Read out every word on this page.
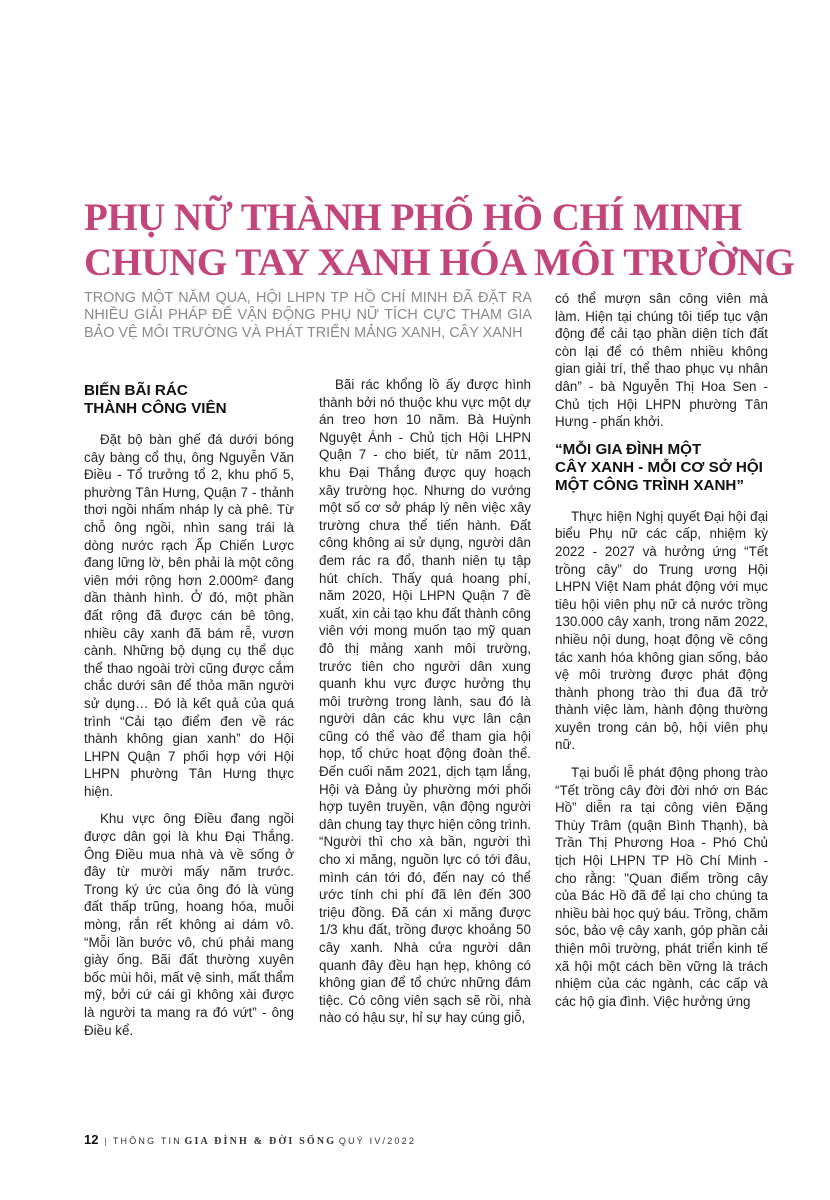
PHỤ NỮ THÀNH PHỐ HỒ CHÍ MINH
CHUNG TAY XANH HÓA MÔI TRƯỜNG
TRONG MỘT NĂM QUA, HỘI LHPN TP HỒ CHÍ MINH ĐÃ ĐẶT RA NHIỀU GIẢI PHÁP ĐỂ VẬN ĐỘNG PHỤ NỮ TÍCH CỰC THAM GIA BẢO VỆ MÔI TRƯỜNG VÀ PHÁT TRIỂN MẢNG XANH, CÂY XANH
BIẾN BÃI RÁC
THÀNH CÔNG VIÊN

Đặt bộ bàn ghế đá dưới bóng cây bàng cổ thụ, ông Nguyễn Văn Điều - Tổ trưởng tổ 2, khu phố 5, phường Tân Hưng, Quận 7 - thảnh thơi ngồi nhấm nháp ly cà phê. Từ chỗ ông ngồi, nhìn sang trái là dòng nước rạch Ấp Chiến Lược đang lững lờ, bên phải là một công viên mới rộng hơn 2.000m² đang dần thành hình. Ở đó, một phần đất rộng đã được cán bê tông, nhiều cây xanh đã bám rễ, vươn cành. Những bộ dụng cụ thể dục thể thao ngoài trời cũng được cắm chắc dưới sân để thỏa mãn người sử dụng… Đó là kết quả của quá trình “Cải tạo điểm đen về rác thành không gian xanh” do Hội LHPN Quận 7 phối hợp với Hội LHPN phường Tân Hưng thực hiện.

Khu vực ông Điều đang ngồi được dân gọi là khu Đại Thắng. Ông Điều mua nhà và về sống ở đây từ mười mấy năm trước. Trong ký ức của ông đó là vùng đất thấp trũng, hoang hóa, muỗi mòng, rắn rết không ai dám vô. “Mỗi lần bước vô, chú phải mang giày ống. Bãi đất thường xuyên bốc mùi hôi, mất vệ sinh, mất thẩm mỹ, bởi cứ cái gì không xài được là người ta mang ra đó vứt” - ông Điều kể.

Bãi rác khổng lồ ấy được hình thành bởi nó thuộc khu vực một dự án treo hơn 10 năm. Bà Huỳnh Nguyệt Ánh - Chủ tịch Hội LHPN Quận 7 - cho biết, từ năm 2011, khu Đại Thắng được quy hoạch xây trường học. Nhưng do vướng một số cơ sở pháp lý nên việc xây trường chưa thể tiến hành. Đất công không ai sử dụng, người dân đem rác ra đổ, thanh niên tụ tập hút chích. Thấy quá hoang phí, năm 2020, Hội LHPN Quận 7 đề xuất, xin cải tạo khu đất thành công viên với mong muốn tạo mỹ quan đô thị mảng xanh môi trường, trước tiên cho người dân xung quanh khu vực được hưởng thụ môi trường trong lành, sau đó là người dân các khu vực lân cận cũng có thể vào để tham gia hội họp, tổ chức hoạt động đoàn thể. Đến cuối năm 2021, dịch tạm lắng, Hội và Đảng ủy phường mới phối hợp tuyên truyền, vận động người dân chung tay thực hiện công trình. “Người thì cho xà bần, người thì cho xi măng, nguồn lực có tới đâu, mình cán tới đó, đến nay có thể ước tính chi phí đã lên đến 300 triệu đồng. Đã cán xi măng được 1/3 khu đất, trồng được khoảng 50 cây xanh. Nhà cửa người dân quanh đây đều hạn hẹp, không có không gian để tổ chức những đám tiệc. Có công viên sạch sẽ rồi, nhà nào có hậu sự, hỉ sự hay cúng giỗ,

có thể mượn sân công viên mà làm. Hiện tại chúng tôi tiếp tục vận động để cải tạo phần diện tích đất còn lại để có thêm nhiều không gian giải trí, thể thao phục vụ nhân dân” - bà Nguyễn Thị Hoa Sen - Chủ tịch Hội LHPN phường Tân Hưng - phấn khởi.

“MỖI GIA ĐÌNH MỘT
CÂY XANH - MỖI CƠ SỞ HỘI
MỘT CÔNG TRÌNH XANH”

Thực hiện Nghị quyết Đại hội đại biểu Phụ nữ các cấp, nhiệm kỳ 2022 - 2027 và hưởng ứng “Tết trồng cây” do Trung ương Hội LHPN Việt Nam phát động với mục tiêu hội viên phụ nữ cả nước trồng 130.000 cây xanh, trong năm 2022, nhiều nội dung, hoạt động về công tác xanh hóa không gian sống, bảo vệ môi trường được phát động thành phong trào thi đua đã trở thành việc làm, hành động thường xuyên trong cán bộ, hội viên phụ nữ.

Tại buổi lễ phát động phong trào “Tết trồng cây đời đời nhớ ơn Bác Hồ” diễn ra tại công viên Đặng Thùy Trâm (quận Bình Thạnh), bà Trần Thị Phương Hoa - Phó Chủ tịch Hội LHPN TP Hồ Chí Minh - cho rằng: "Quan điểm trồng cây của Bác Hồ đã để lại cho chúng ta nhiều bài học quý báu. Trồng, chăm sóc, bảo vệ cây xanh, góp phần cải thiện môi trường, phát triển kinh tế xã hội một cách bền vững là trách nhiệm của các ngành, các cấp và các hộ gia đình. Việc hưởng ứng

12 | THÔNG TIN GIA ĐÌNH & ĐỜI SỐNG QUÝ IV/2022
